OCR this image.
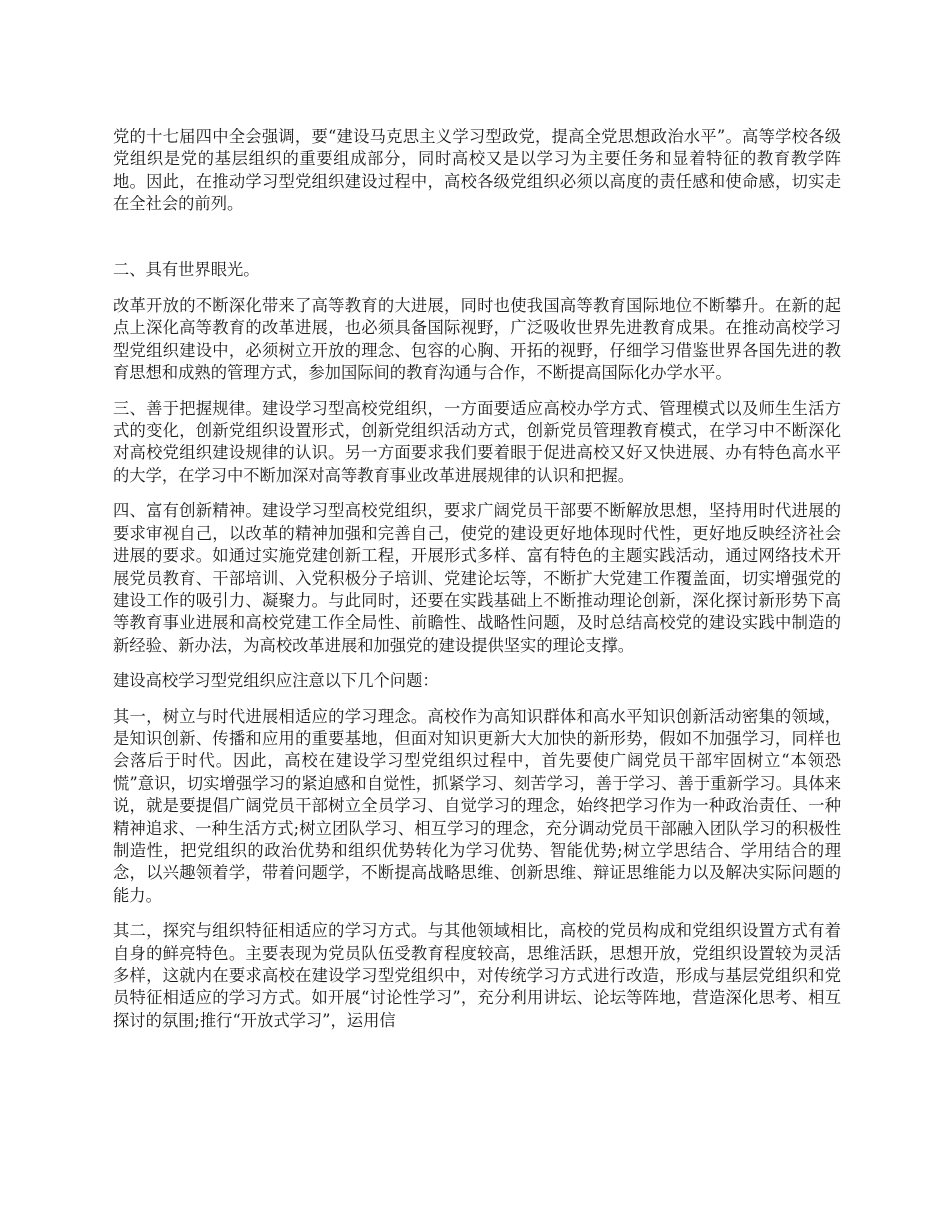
党的十七届四中全会强调，要“建设马克思主义学习型政党，提高全党思想政治水平”。高等学校各级党组织是党的基层组织的重要组成部分，同时高校又是以学习为主要任务和显着特征的教育教学阵地。因此，在推动学习型党组织建设过程中，高校各级党组织必须以高度的责任感和使命感，切实走在全社会的前列。

二、具有世界眼光。

改革开放的不断深化带来了高等教育的大进展，同时也使我国高等教育国际地位不断攀升。在新的起点上深化高等教育的改革进展，也必须具备国际视野，广泛吸收世界先进教育成果。在推动高校学习型党组织建设中，必须树立开放的理念、包容的心胸、开拓的视野，仔细学习借鉴世界各国先进的教育思想和成熟的管理方式，参加国际间的教育沟通与合作，不断提高国际化办学水平。

三、善于把握规律。建设学习型高校党组织，一方面要适应高校办学方式、管理模式以及师生生活方式的变化，创新党组织设置形式，创新党组织活动方式，创新党员管理教育模式，在学习中不断深化对高校党组织建设规律的认识。另一方面要求我们要着眼于促进高校又好又快进展、办有特色高水平的大学，在学习中不断加深对高等教育事业改革进展规律的认识和把握。

四、富有创新精神。建设学习型高校党组织，要求广阔党员干部要不断解放思想，坚持用时代进展的要求审视自己，以改革的精神加强和完善自己，使党的建设更好地体现时代性，更好地反映经济社会进展的要求。如通过实施党建创新工程，开展形式多样、富有特色的主题实践活动，通过网络技术开展党员教育、干部培训、入党积极分子培训、党建论坛等，不断扩大党建工作覆盖面，切实增强党的建设工作的吸引力、凝聚力。与此同时，还要在实践基础上不断推动理论创新，深化探讨新形势下高等教育事业进展和高校党建工作全局性、前瞻性、战略性问题，及时总结高校党的建设实践中制造的新经验、新办法，为高校改革进展和加强党的建设提供坚实的理论支撑。

建设高校学习型党组织应注意以下几个问题：

其一，树立与时代进展相适应的学习理念。高校作为高知识群体和高水平知识创新活动密集的领域，是知识创新、传播和应用的重要基地，但面对知识更新大大加快的新形势，假如不加强学习，同样也会落后于时代。因此，高校在建设学习型党组织过程中，首先要使广阔党员干部牢固树立“本领恐慌”意识，切实增强学习的紧迫感和自觉性，抓紧学习、刻苦学习，善于学习、善于重新学习。具体来说，就是要提倡广阔党员干部树立全员学习、自觉学习的理念，始终把学习作为一种政治责任、一种精神追求、一种生活方式;树立团队学习、相互学习的理念，充分调动党员干部融入团队学习的积极性制造性，把党组织的政治优势和组织优势转化为学习优势、智能优势;树立学思结合、学用结合的理念，以兴趣领着学，带着问题学，不断提高战略思维、创新思维、辩证思维能力以及解决实际问题的能力。

其二，探究与组织特征相适应的学习方式。与其他领域相比，高校的党员构成和党组织设置方式有着自身的鲜亮特色。主要表现为党员队伍受教育程度较高，思维活跃，思想开放，党组织设置较为灵活多样，这就内在要求高校在建设学习型党组织中，对传统学习方式进行改造，形成与基层党组织和党员特征相适应的学习方式。如开展“讨论性学习”，充分利用讲坛、论坛等阵地，营造深化思考、相互探讨的氛围;推行“开放式学习”，运用信
